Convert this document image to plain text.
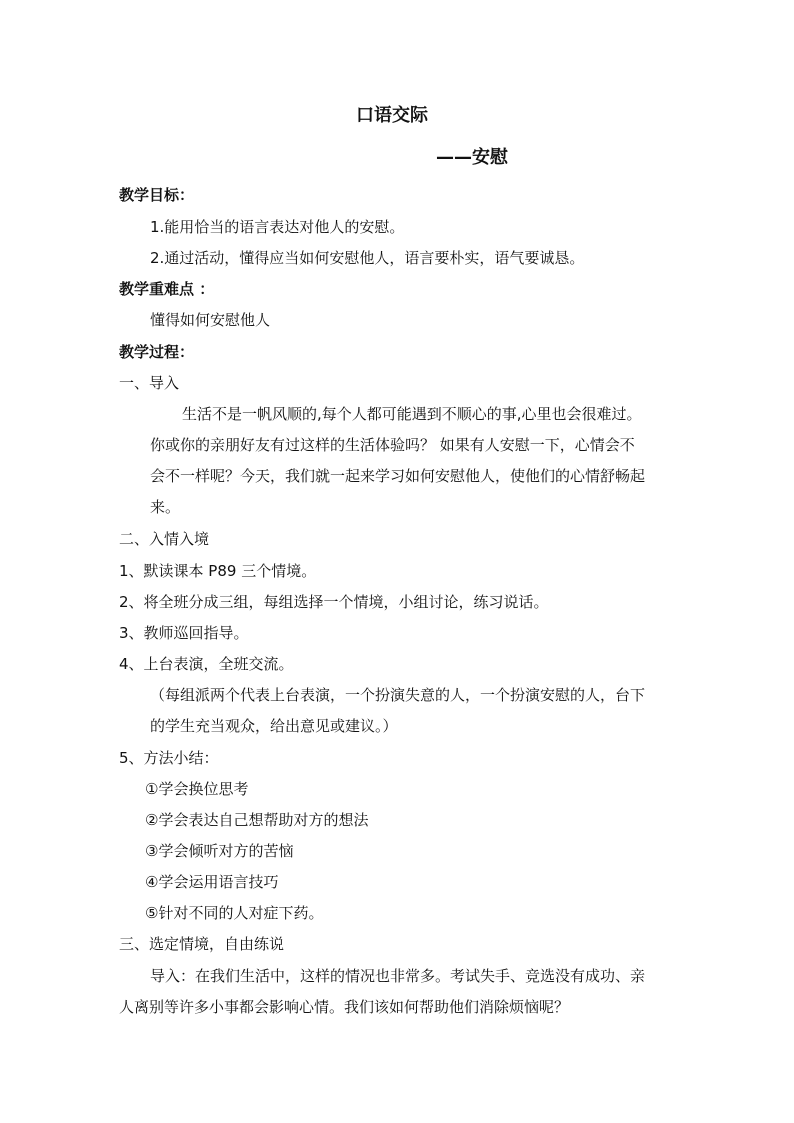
口语交际
——安慰
教学目标：
1.能用恰当的语言表达对他人的安慰。
2.通过活动，懂得应当如何安慰他人，语言要朴实，语气要诚恳。
教学重难点 ：
懂得如何安慰他人
教学过程：
一、导入
生活不是一帆风顺的,每个人都可能遇到不顺心的事,心里也会很难过。
你或你的亲朋好友有过这样的生活体验吗？ 如果有人安慰一下，心情会不
会不一样呢？今天，我们就一起来学习如何安慰他人，使他们的心情舒畅起
来。
二、入情入境
1、默读课本 P89 三个情境。
2、将全班分成三组，每组选择一个情境，小组讨论，练习说话。
3、教师巡回指导。
4、上台表演，全班交流。
（每组派两个代表上台表演，一个扮演失意的人，一个扮演安慰的人，台下
的学生充当观众，给出意见或建议。）
5、方法小结：
①学会换位思考
②学会表达自己想帮助对方的想法
③学会倾听对方的苦恼
④学会运用语言技巧
⑤针对不同的人对症下药。
三、选定情境，自由练说
导入：在我们生活中，这样的情况也非常多。考试失手、竞选没有成功、亲
人离别等许多小事都会影响心情。我们该如何帮助他们消除烦恼呢？
